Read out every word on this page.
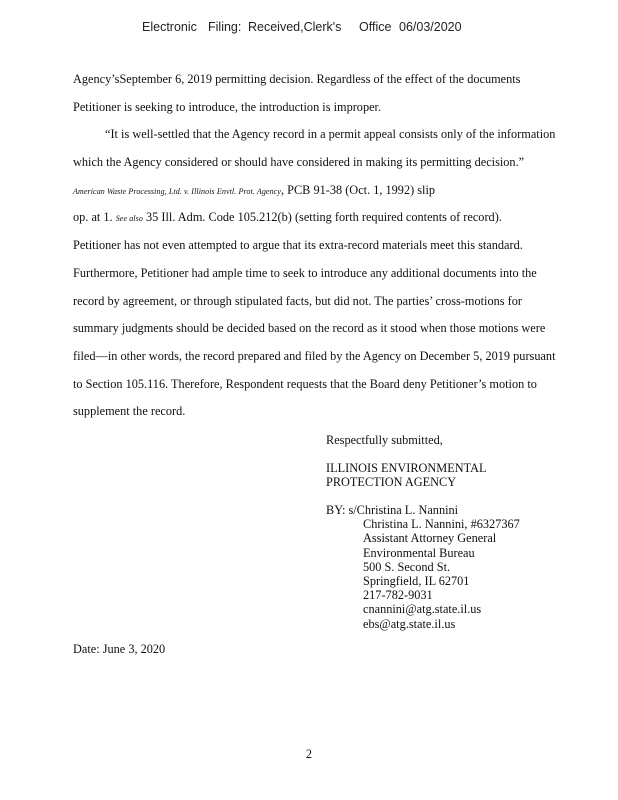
Electronic Filing: Received,Clerk's Office 06/03/2020
Agency’sSeptember 6, 2019 permitting decision. Regardless of the effect of the documents
Petitioner is seeking to introduce, the introduction is improper.
“It is well-settled that the Agency record in a permit appeal consists only of the information
which the Agency considered or should have considered in making its permitting decision.”
American Waste Processing, Ltd. v. Illinois Envtl. Prot. Agency, PCB 91-38 (Oct. 1, 1992) slip
op. at 1. See also 35 Ill. Adm. Code 105.212(b) (setting forth required contents of record).
Petitioner has not even attempted to argue that its extra-record materials meet this standard.
Furthermore, Petitioner had ample time to seek to introduce any additional documents into the
record by agreement, or through stipulated facts, but did not. The parties’ cross-motions for
summary judgments should be decided based on the record as it stood when those motions were
filed—in other words, the record prepared and filed by the Agency on December 5, 2019 pursuant
to Section 105.116. Therefore, Respondent requests that the Board deny Petitioner’s motion to
supplement the record.
Respectfully submitted,
ILLINOIS ENVIRONMENTAL
PROTECTION AGENCY
BY: s/Christina L. Nannini
Christina L. Nannini, #6327367
Assistant Attorney General
Environmental Bureau
500 S. Second St.
Springfield, IL 62701
217-782-9031
cnannini@atg.state.il.us
ebs@atg.state.il.us
Date: June 3, 2020
2
